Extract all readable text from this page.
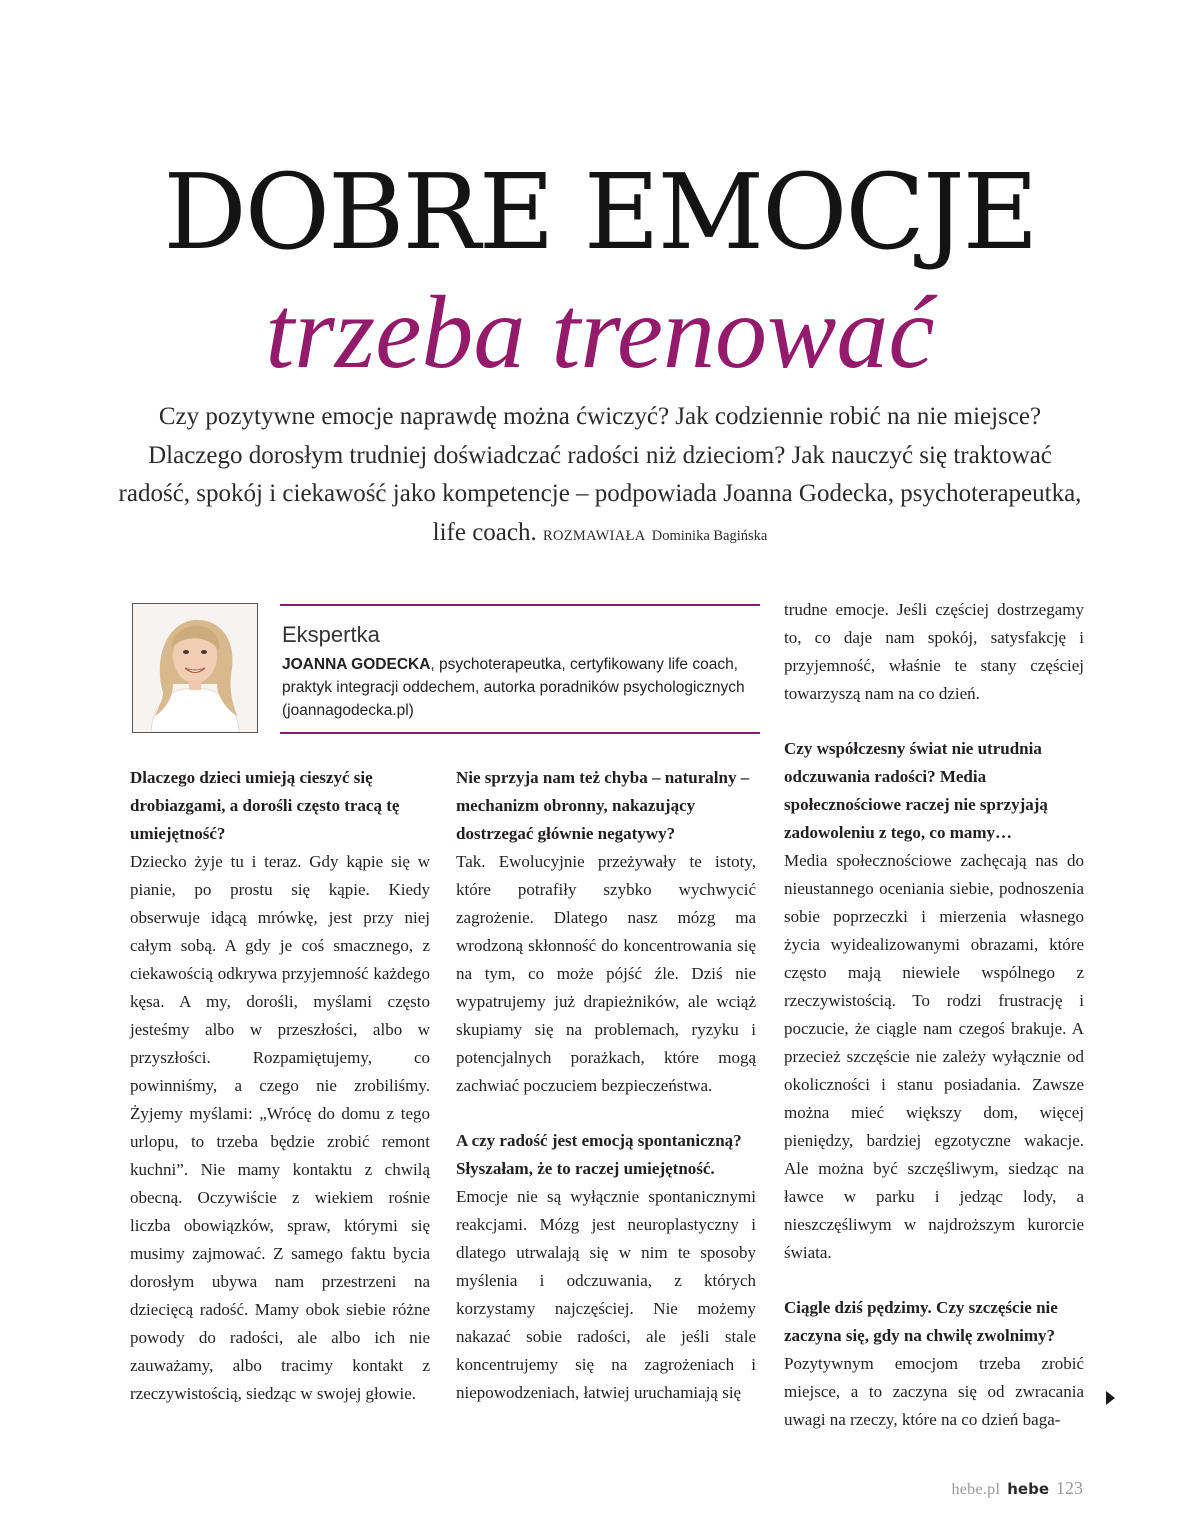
DOBRE EMOCJE
trzeba trenować

Czy pozytywne emocje naprawdę można ćwiczyć? Jak codziennie robić na nie miejsce? Dlaczego dorosłym trudniej doświadczać radości niż dzieciom? Jak nauczyć się traktować radość, spokój i ciekawość jako kompetencje – podpowiada Joanna Godecka, psychoterapeutka, life coach. ROZMAWIAŁA Dominika Bagińska

Ekspertka

JOANNA GODECKA, psychoterapeutka, certyfikowany life coach, praktyk integracji oddechem, autorka poradników psychologicznych (joannagodecka.pl)

Dlaczego dzieci umieją cieszyć się drobiazgami, a dorośli często tracą tę umiejętność?

Dziecko żyje tu i teraz. Gdy kąpie się w pianie, po prostu się kąpie. Kiedy obserwuje idącą mrówkę, jest przy niej całym sobą. A gdy je coś smacznego, z ciekawością odkrywa przyjemność każdego kęsa. A my, dorośli, myślami często jesteśmy albo w przeszłości, albo w przyszłości. Rozpamiętujemy, co powinniśmy, a czego nie zrobiliśmy. Żyjemy myślami: „Wrócę do domu z tego urlopu, to trzeba będzie zrobić remont kuchni”. Nie mamy kontaktu z chwilą obecną. Oczywiście z wiekiem rośnie liczba obowiązków, spraw, którymi się musimy zajmować. Z samego faktu bycia dorosłym ubywa nam przestrzeni na dziecięcą radość. Mamy obok siebie różne powody do radości, ale albo ich nie zauważamy, albo tracimy kontakt z rzeczywistością, siedząc w swojej głowie.

Nie sprzyja nam też chyba – naturalny – mechanizm obronny, nakazujący dostrzegać głównie negatywy?

Tak. Ewolucyjnie przeżywały te istoty, które potrafiły szybko wychwycić zagrożenie. Dlatego nasz mózg ma wrodzoną skłonność do koncentrowania się na tym, co może pójść źle. Dziś nie wypatrujemy już drapieżników, ale wciąż skupiamy się na problemach, ryzyku i potencjalnych porażkach, które mogą zachwiać poczuciem bezpieczeństwa.

A czy radość jest emocją spontaniczną? Słyszałam, że to raczej umiejętność.

Emocje nie są wyłącznie spontanicznymi reakcjami. Mózg jest neuroplastyczny i dlatego utrwalają się w nim te sposoby myślenia i odczuwania, z których korzystamy najczęściej. Nie możemy nakazać sobie radości, ale jeśli stale koncentrujemy się na zagrożeniach i niepowodzeniach, łatwiej uruchamiają się

trudne emocje. Jeśli częściej dostrzegamy to, co daje nam spokój, satysfakcję i przyjemność, właśnie te stany częściej towarzyszą nam na co dzień.

Czy współczesny świat nie utrudnia odczuwania radości? Media społecznościowe raczej nie sprzyjają zadowoleniu z tego, co mamy…

Media społecznościowe zachęcają nas do nieustannego oceniania siebie, podnoszenia sobie poprzeczki i mierzenia własnego życia wyidealizowanymi obrazami, które często mają niewiele wspólnego z rzeczywistością. To rodzi frustrację i poczucie, że ciągle nam czegoś brakuje. A przecież szczęście nie zależy wyłącznie od okoliczności i stanu posiadania. Zawsze można mieć większy dom, więcej pieniędzy, bardziej egzotyczne wakacje. Ale można być szczęśliwym, siedząc na ławce w parku i jedząc lody, a nieszczęśliwym w najdroższym kurorcie świata.

Ciągle dziś pędzimy. Czy szczęście nie zaczyna się, gdy na chwilę zwolnimy?

Pozytywnym emocjom trzeba zrobić miejsce, a to zaczyna się od zwracania uwagi na rzeczy, które na co dzień baga-

hebe.pl hebe 123
